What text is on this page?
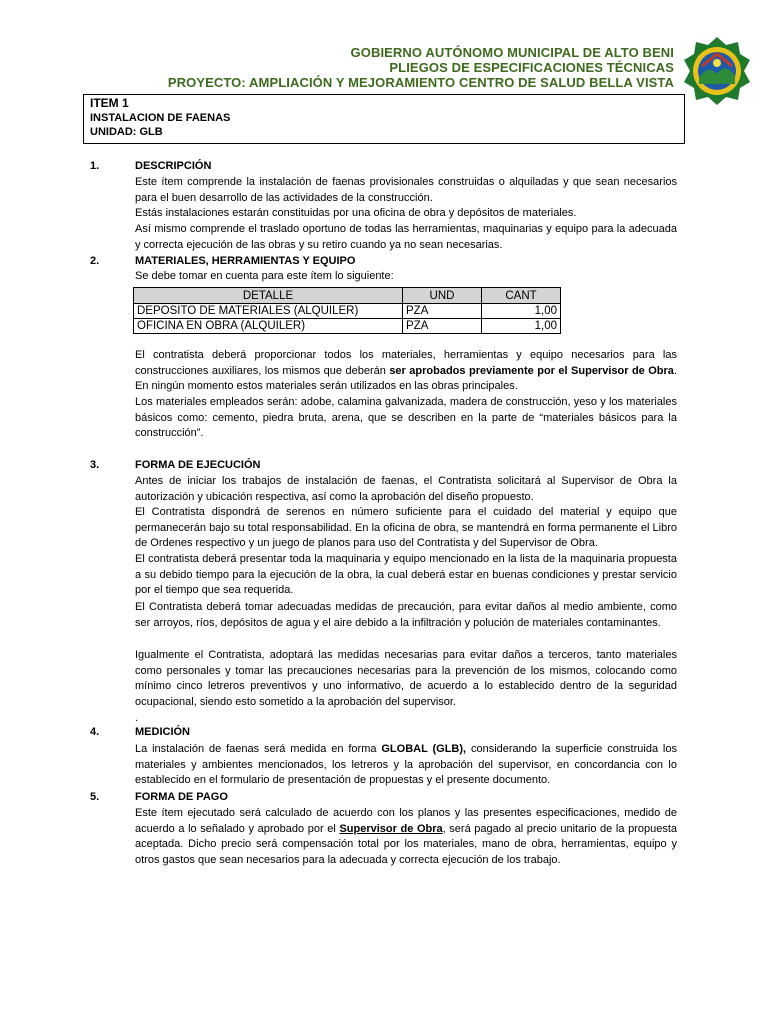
GOBIERNO AUTÓNOMO MUNICIPAL DE ALTO BENI
PLIEGOS DE ESPECIFICACIONES TÉCNICAS
PROYECTO: AMPLIACIÓN Y MEJORAMIENTO CENTRO DE SALUD BELLA VISTA
ITEM 1
INSTALACION DE FAENAS
UNIDAD: GLB
1.	DESCRIPCIÓN
Este ítem comprende la instalación de faenas provisionales construidas o alquiladas y que sean necesarios para el buen desarrollo de las actividades de la construcción.
Estás instalaciones estarán constituidas por una oficina de obra y depósitos de materiales.
Así mismo comprende el traslado oportuno de todas las herramientas, maquinarias y equipo para la adecuada y correcta ejecución de las obras y su retiro cuando ya no sean necesarias.
2.	MATERIALES, HERRAMIENTAS Y EQUIPO
Se debe tomar en cuenta para este ítem lo siguiente:
DETALLE	UND	CANT
DEPOSITO DE MATERIALES (ALQUILER)	PZA	1,00
OFICINA EN OBRA (ALQUILER)	PZA	1,00
El contratista deberá proporcionar todos los materiales, herramientas y equipo necesarios para las construcciones auxiliares, los mismos que deberán ser aprobados previamente por el Supervisor de Obra. En ningún momento estos materiales serán utilizados en las obras principales.
Los materiales empleados serán: adobe, calamina galvanizada, madera de construcción, yeso y los materiales básicos como: cemento, piedra bruta, arena, que se describen en la parte de “materiales básicos para la construcción”.
3.	FORMA DE EJECUCIÓN
Antes de iniciar los trabajos de instalación de faenas, el Contratista solicitará al Supervisor de Obra la autorización y ubicación respectiva, así como la aprobación del diseño propuesto.
El Contratista dispondrá de serenos en número suficiente para el cuidado del material y equipo que permanecerán bajo su total responsabilidad. En la oficina de obra, se mantendrá en forma permanente el Libro de Ordenes respectivo y un juego de planos para uso del Contratista y del Supervisor de Obra.
El contratista deberá presentar toda la maquinaria y equipo mencionado en la lista de la maquinaria propuesta a su debido tiempo para la ejecución de la obra, la cual deberá estar en buenas condiciones y prestar servicio por el tiempo que sea requerida.
El Contratista deberá tomar adecuadas medidas de precaución, para evitar daños al medio ambiente, como ser arroyos, ríos, depósitos de agua y el aire debido a la infiltración y polución de materiales contaminantes.
Igualmente el Contratista, adoptará las medidas necesarias para evitar daños a terceros, tanto materiales como personales y tomar las precauciones necesarias para la prevención de los mismos, colocando como mínimo cinco letreros preventivos y uno informativo, de acuerdo a lo establecido dentro de la seguridad ocupacional, siendo esto sometido a la aprobación del supervisor.
.
4.	MEDICIÓN
La instalación de faenas será medida en forma GLOBAL (GLB), considerando la superficie construida los materiales y ambientes mencionados, los letreros y la aprobación del supervisor, en concordancia con lo establecido en el formulario de presentación de propuestas y el presente documento.
5.	FORMA DE PAGO
Este ítem ejecutado será calculado de acuerdo con los planos y las presentes especificaciones, medido de acuerdo a lo señalado y aprobado por el Supervisor de Obra, será pagado al precio unitario de la propuesta aceptada. Dicho precio será compensación total por los materiales, mano de obra, herramientas, equipo y otros gastos que sean necesarios para la adecuada y correcta ejecución de los trabajo.
